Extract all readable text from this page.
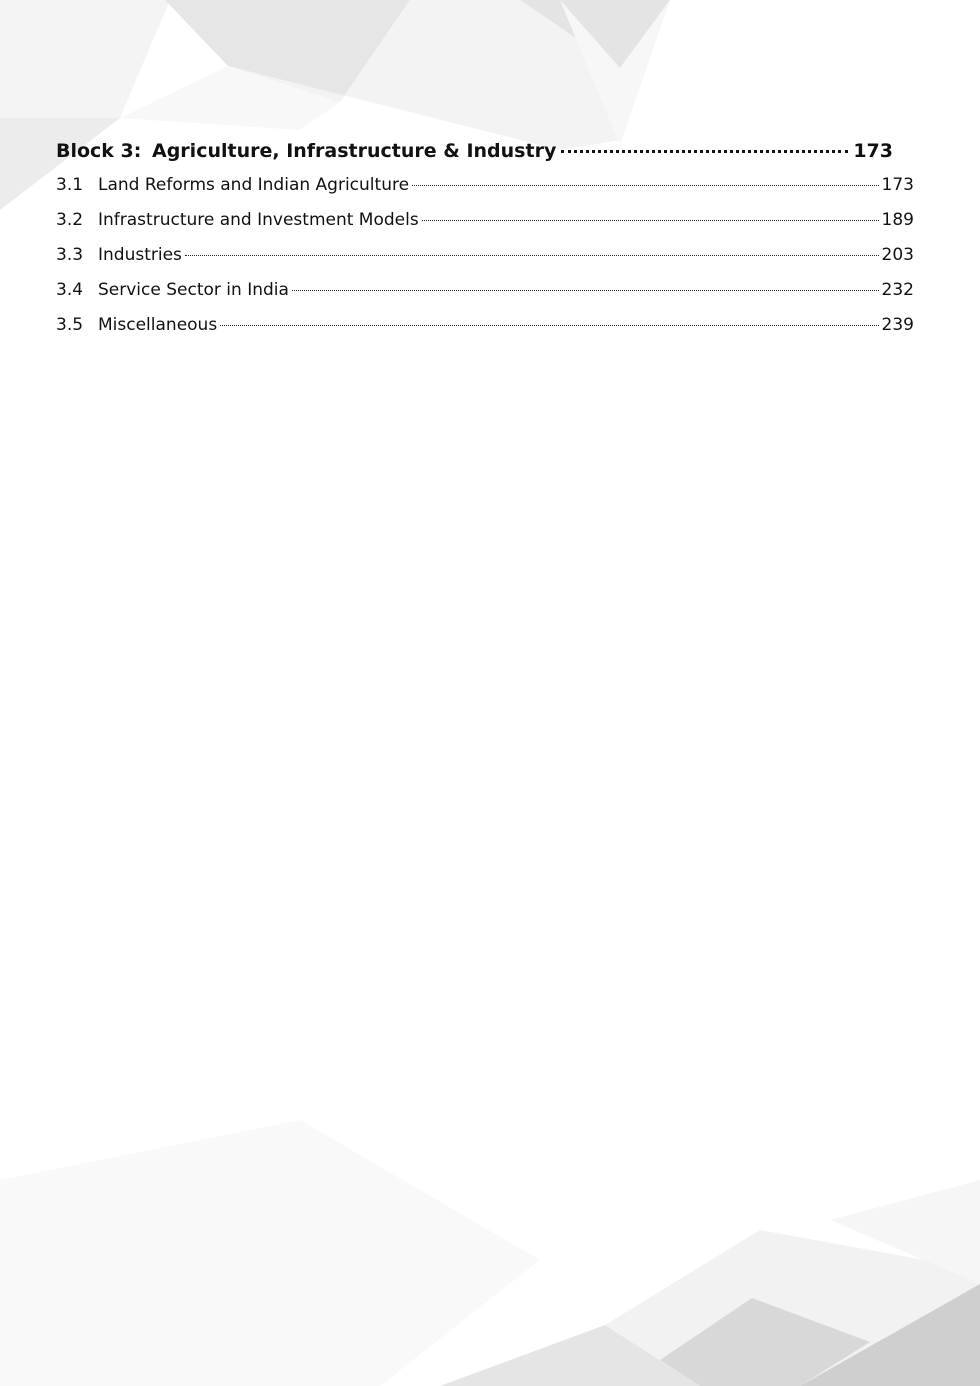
Block 3: Agriculture, Infrastructure & Industry	173
3.1 Land Reforms and Indian Agriculture	173
3.2 Infrastructure and Investment Models	189
3.3 Industries	203
3.4 Service Sector in India	232
3.5 Miscellaneous	239
